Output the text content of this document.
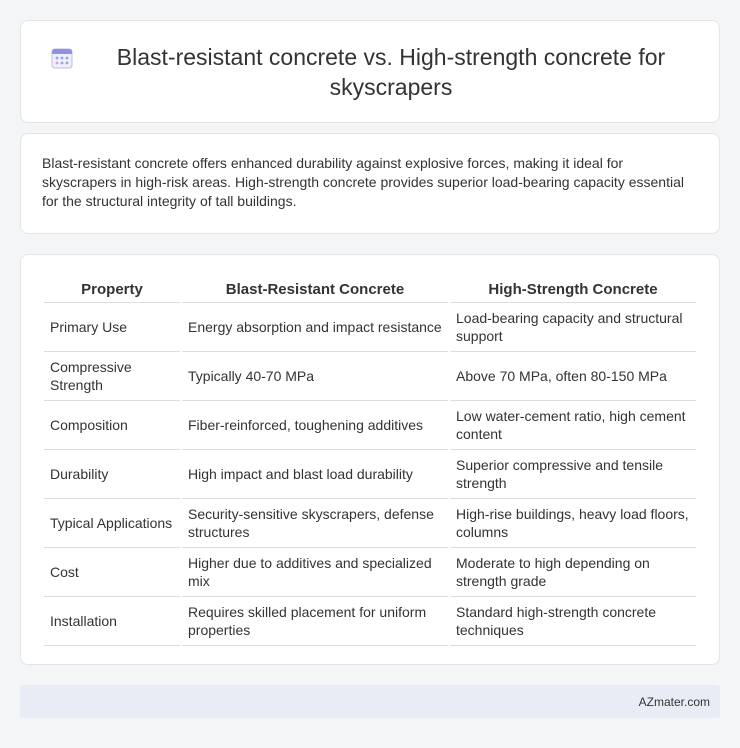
Blast-resistant concrete vs. High-strength concrete for skyscrapers

Blast-resistant concrete offers enhanced durability against explosive forces, making it ideal for skyscrapers in high-risk areas. High-strength concrete provides superior load-bearing capacity essential for the structural integrity of tall buildings.

Property	Blast-Resistant Concrete	High-Strength Concrete
Primary Use	Energy absorption and impact resistance	Load-bearing capacity and structural support
Compressive Strength	Typically 40-70 MPa	Above 70 MPa, often 80-150 MPa
Composition	Fiber-reinforced, toughening additives	Low water-cement ratio, high cement content
Durability	High impact and blast load durability	Superior compressive and tensile strength
Typical Applications	Security-sensitive skyscrapers, defense structures	High-rise buildings, heavy load floors, columns
Cost	Higher due to additives and specialized mix	Moderate to high depending on strength grade
Installation	Requires skilled placement for uniform properties	Standard high-strength concrete techniques
AZmater.com
